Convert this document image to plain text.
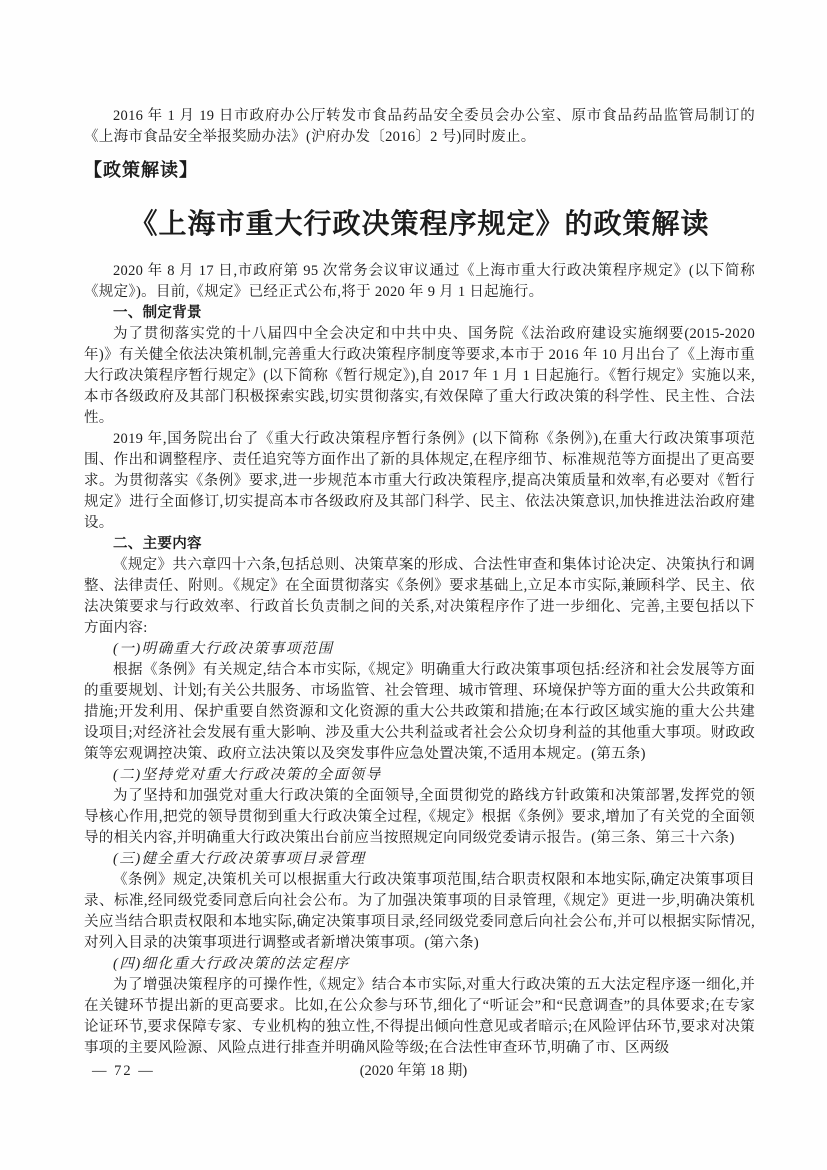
2016 年 1 月 19 日市政府办公厅转发市食品药品安全委员会办公室、原市食品药品监管局制订的《上海市食品安全举报奖励办法》(沪府办发〔2016〕2 号)同时废止。
【政策解读】
《上海市重大行政决策程序规定》的政策解读
2020 年 8 月 17 日,市政府第 95 次常务会议审议通过《上海市重大行政决策程序规定》(以下简称《规定》)。目前,《规定》已经正式公布,将于 2020 年 9 月 1 日起施行。
一、制定背景
为了贯彻落实党的十八届四中全会决定和中共中央、国务院《法治政府建设实施纲要(2015-2020 年)》有关健全依法决策机制,完善重大行政决策程序制度等要求,本市于 2016 年 10 月出台了《上海市重大行政决策程序暂行规定》(以下简称《暂行规定》),自 2017 年 1 月 1 日起施行。《暂行规定》实施以来,本市各级政府及其部门积极探索实践,切实贯彻落实,有效保障了重大行政决策的科学性、民主性、合法性。
2019 年,国务院出台了《重大行政决策程序暂行条例》(以下简称《条例》),在重大行政决策事项范围、作出和调整程序、责任追究等方面作出了新的具体规定,在程序细节、标准规范等方面提出了更高要求。为贯彻落实《条例》要求,进一步规范本市重大行政决策程序,提高决策质量和效率,有必要对《暂行规定》进行全面修订,切实提高本市各级政府及其部门科学、民主、依法决策意识,加快推进法治政府建设。
二、主要内容
《规定》共六章四十六条,包括总则、决策草案的形成、合法性审查和集体讨论决定、决策执行和调整、法律责任、附则。《规定》在全面贯彻落实《条例》要求基础上,立足本市实际,兼顾科学、民主、依法决策要求与行政效率、行政首长负责制之间的关系,对决策程序作了进一步细化、完善,主要包括以下方面内容:
(一)明确重大行政决策事项范围
根据《条例》有关规定,结合本市实际,《规定》明确重大行政决策事项包括:经济和社会发展等方面的重要规划、计划;有关公共服务、市场监管、社会管理、城市管理、环境保护等方面的重大公共政策和措施;开发利用、保护重要自然资源和文化资源的重大公共政策和措施;在本行政区域实施的重大公共建设项目;对经济社会发展有重大影响、涉及重大公共利益或者社会公众切身利益的其他重大事项。财政政策等宏观调控决策、政府立法决策以及突发事件应急处置决策,不适用本规定。(第五条)
(二)坚持党对重大行政决策的全面领导
为了坚持和加强党对重大行政决策的全面领导,全面贯彻党的路线方针政策和决策部署,发挥党的领导核心作用,把党的领导贯彻到重大行政决策全过程,《规定》根据《条例》要求,增加了有关党的全面领导的相关内容,并明确重大行政决策出台前应当按照规定向同级党委请示报告。(第三条、第三十六条)
(三)健全重大行政决策事项目录管理
《条例》规定,决策机关可以根据重大行政决策事项范围,结合职责权限和本地实际,确定决策事项目录、标准,经同级党委同意后向社会公布。为了加强决策事项的目录管理,《规定》更进一步,明确决策机关应当结合职责权限和本地实际,确定决策事项目录,经同级党委同意后向社会公布,并可以根据实际情况,对列入目录的决策事项进行调整或者新增决策事项。(第六条)
(四)细化重大行政决策的法定程序
为了增强决策程序的可操作性,《规定》结合本市实际,对重大行政决策的五大法定程序逐一细化,并在关键环节提出新的更高要求。比如,在公众参与环节,细化了“听证会”和“民意调查”的具体要求;在专家论证环节,要求保障专家、专业机构的独立性,不得提出倾向性意见或者暗示;在风险评估环节,要求对决策事项的主要风险源、风险点进行排查并明确风险等级;在合法性审查环节,明确了市、区两级
(2020 年第 18 期)
— 72 —
